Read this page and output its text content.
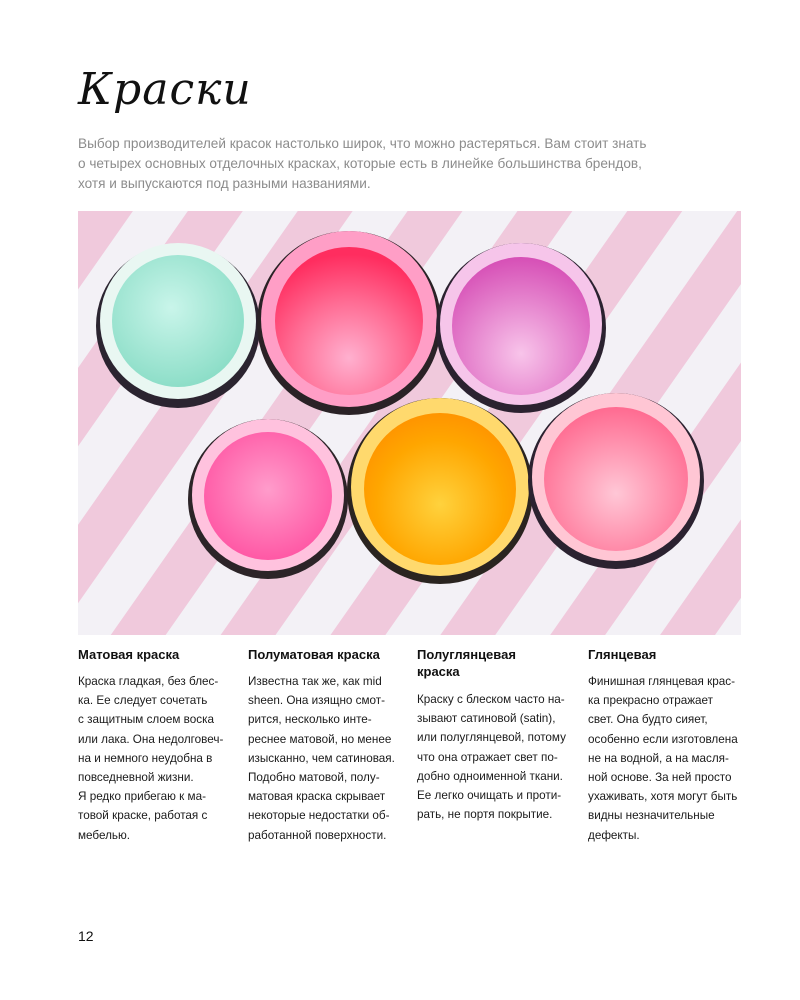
Краски
Выбор производителей красок настолько широк, что можно растеряться. Вам стоит знать
о четырех основных отделочных красках, которые есть в линейке большинства брендов,
хотя и выпускаются под разными названиями.
Матовая краска
Краска гладкая, без блес-
ка. Ее следует сочетать
с защитным слоем воска
или лака. Она недолговеч-
на и немного неудобна в
повседневной жизни.
Я редко прибегаю к ма-
товой краске, работая с
мебелью.
Полуматовая краска
Известна так же, как mid
sheen. Она изящно смот-
рится, несколько инте-
реснее матовой, но менее
изысканно, чем сатиновая.
Подобно матовой, полу-
матовая краска скрывает
некоторые недостатки об-
работанной поверхности.
Полуглянцевая
краска
Краску с блеском часто на-
зывают сатиновой (satin),
или полуглянцевой, потому
что она отражает свет по-
добно одноименной ткани.
Ее легко очищать и проти-
рать, не портя покрытие.
Глянцевая
Финишная глянцевая крас-
ка прекрасно отражает
свет. Она будто сияет,
особенно если изготовлена
не на водной, а на масля-
ной основе. За ней просто
ухаживать, хотя могут быть
видны незначительные
дефекты.
12
